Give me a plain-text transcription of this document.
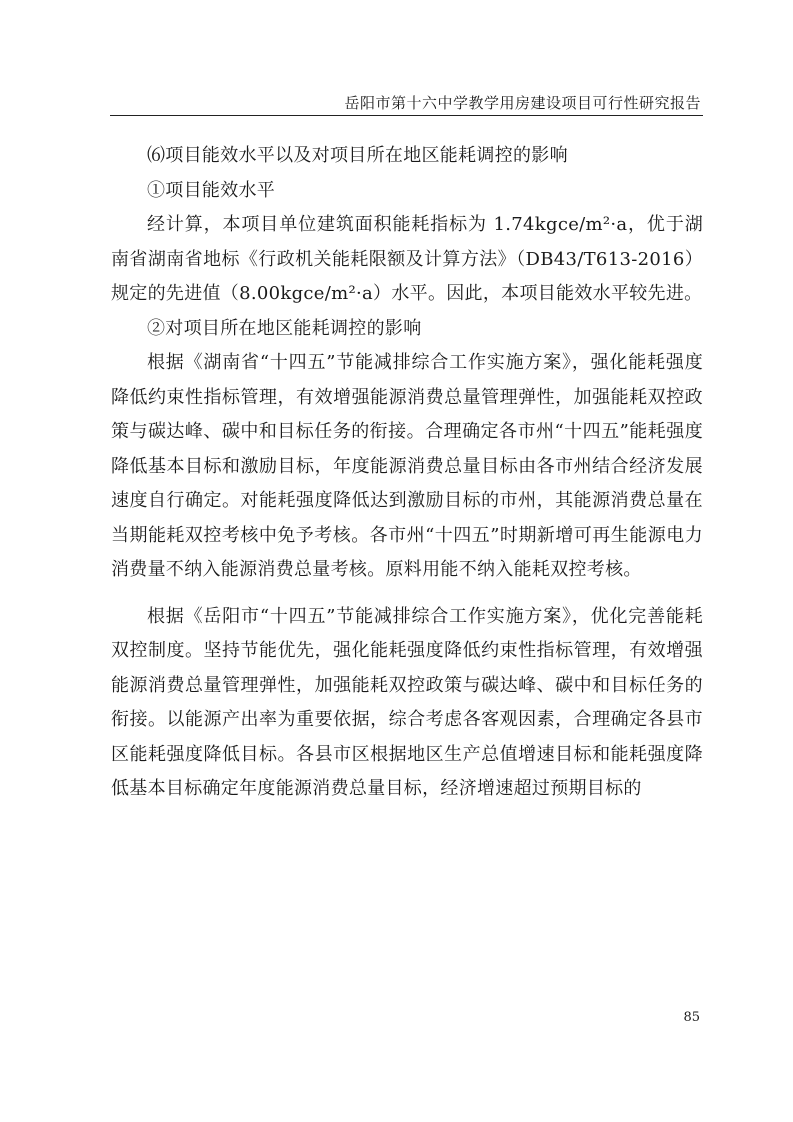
岳阳市第十六中学教学用房建设项目可行性研究报告

⑹项目能效水平以及对项目所在地区能耗调控的影响

①项目能效水平

经计算，本项目单位建筑面积能耗指标为 1.74kgce/m²·a，优于湖南省湖南省地标《行政机关能耗限额及计算方法》（DB43/T613-2016）规定的先进值（8.00kgce/m²·a）水平。因此，本项目能效水平较先进。

②对项目所在地区能耗调控的影响

根据《湖南省“十四五”节能减排综合工作实施方案》，强化能耗强度降低约束性指标管理，有效增强能源消费总量管理弹性，加强能耗双控政策与碳达峰、碳中和目标任务的衔接。合理确定各市州“十四五”能耗强度降低基本目标和激励目标，年度能源消费总量目标由各市州结合经济发展速度自行确定。对能耗强度降低达到激励目标的市州，其能源消费总量在当期能耗双控考核中免予考核。各市州“十四五”时期新增可再生能源电力消费量不纳入能源消费总量考核。原料用能不纳入能耗双控考核。

根据《岳阳市“十四五”节能减排综合工作实施方案》，优化完善能耗双控制度。坚持节能优先，强化能耗强度降低约束性指标管理，有效增强能源消费总量管理弹性，加强能耗双控政策与碳达峰、碳中和目标任务的衔接。以能源产出率为重要依据，综合考虑各客观因素，合理确定各县市区能耗强度降低目标。各县市区根据地区生产总值增速目标和能耗强度降低基本目标确定年度能源消费总量目标，经济增速超过预期目标的

85
